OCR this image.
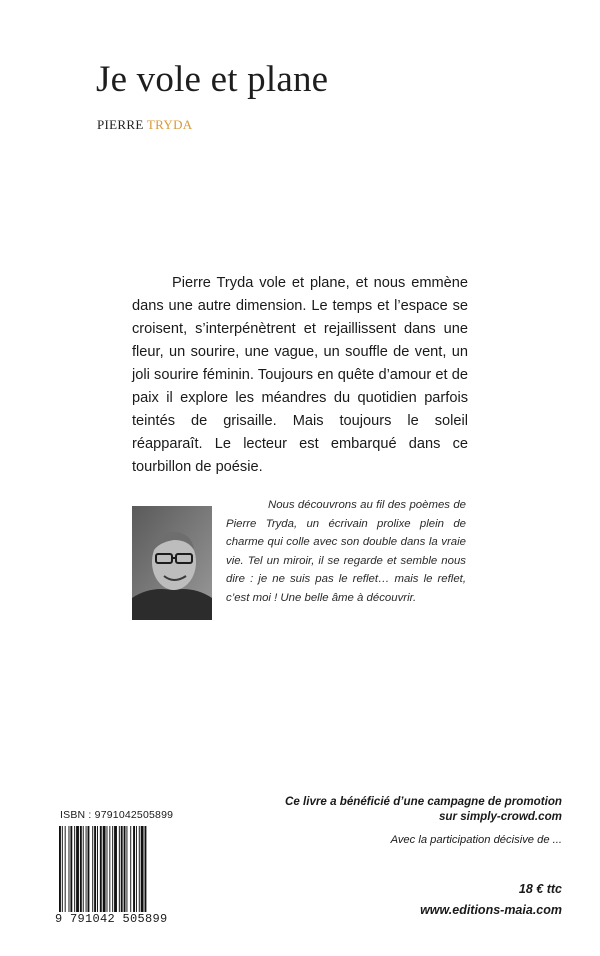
Je vole et plane
PIERRE TRYDA

Pierre Tryda vole et plane, et nous emmène dans une autre dimension. Le temps et l’espace se croisent, s’interpénètrent et rejaillissent dans une fleur, un sourire, une vague, un souffle de vent, un joli sourire féminin. Toujours en quête d’amour et de paix il explore les méandres du quotidien parfois teintés de grisaille. Mais toujours le soleil réapparaît. Le lecteur est embarqué dans ce tourbillon de poésie.

Nous découvrons au fil des poèmes de Pierre Tryda, un écrivain prolixe plein de charme qui colle avec son double dans la vraie vie. Tel un miroir, il se regarde et semble nous dire : je ne suis pas le reflet… mais le reflet, c’est moi ! Une belle âme à découvrir.

Ce livre a bénéficié d’une campagne de promotion
sur simply-crowd.com
Avec la participation décisive de ...
18 € ttc
www.editions-maia.com
ISBN : 9791042505899
9 791042 505899
